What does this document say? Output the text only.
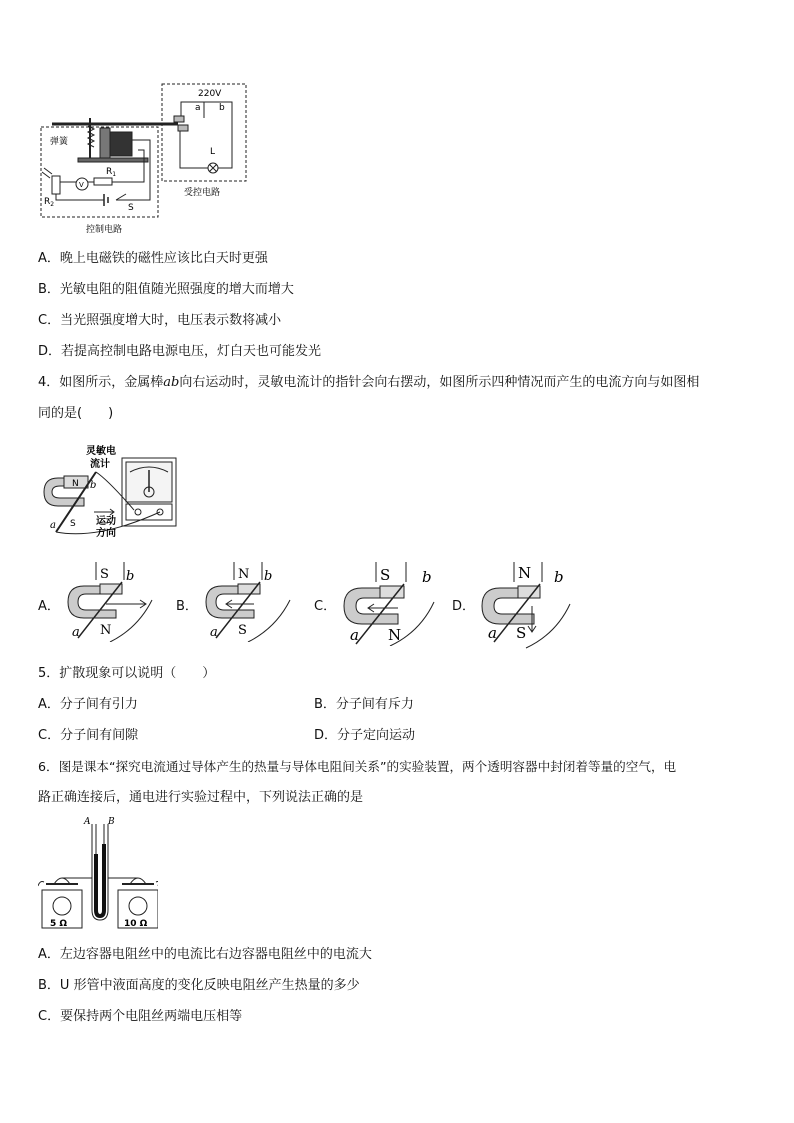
220V
a b
L
弹簧
V
$R_1$
$R_2$	S
控制电路
受控电路
A．晚上电磁铁的磁性应该比白天时更强
B．光敏电阻的阻值随光照强度的增大而增大
C．当光照强度增大时，电压表示数将减小
D．若提高控制电路电源电压，灯白天也可能发光
4．如图所示，金属棒ab向右运动时，灵敏电流计的指针会向右摆动，如图所示四种情况而产生的电流方向与如图相
同的是(　　)
灵敏电
流计
N
S
a
b
运动
方向
A．
S
N
a
b
B．
N
S
a
b
C．
S
N
a
b
D．
N
S
a
b
5．扩散现象可以说明（　　）
A．分子间有引力	B．分子间有斥力
C．分子间有间隙	D．分子定向运动
6．图是课本“探究电流通过导体产生的热量与导体电阻间关系”的实验装置，两个透明容器中封闭着等量的空气，电
路正确连接后，通电进行实验过程中，下列说法正确的是
A B
5 Ω	10 Ω
A．左边容器电阻丝中的电流比右边容器电阻丝中的电流大
B．U 形管中液面高度的变化反映电阻丝产生热量的多少
C．要保持两个电阻丝两端电压相等
